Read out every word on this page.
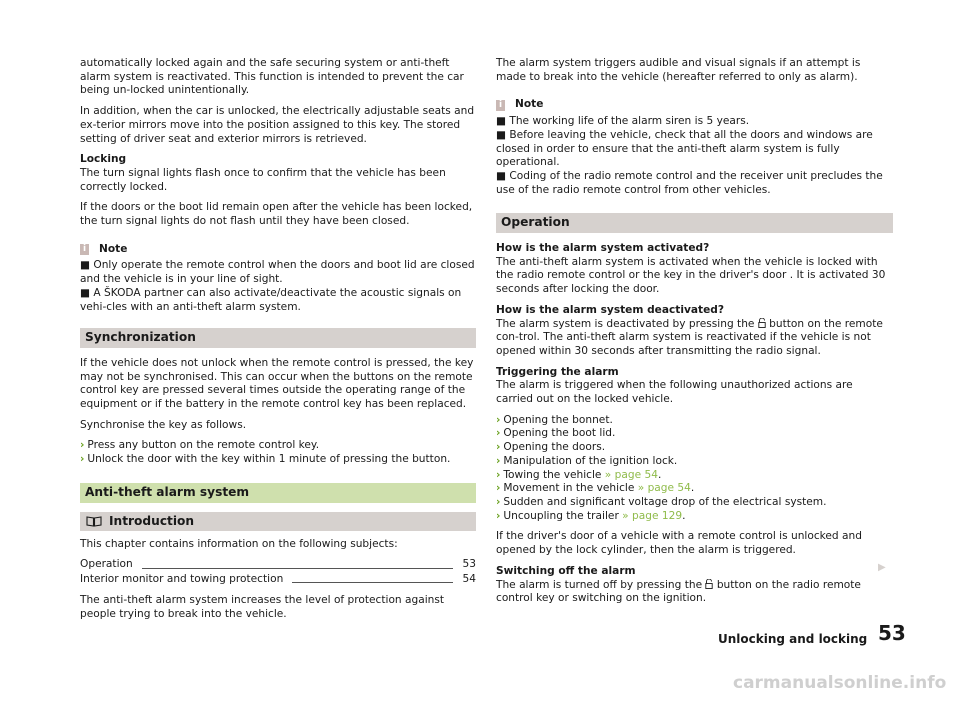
automatically locked again and the safe securing system or anti-theft alarm system is reactivated. This function is intended to prevent the car being un-locked unintentionally.

In addition, when the car is unlocked, the electrically adjustable seats and ex-terior mirrors move into the position assigned to this key. The stored setting of driver seat and exterior mirrors is retrieved.

Locking
The turn signal lights flash once to confirm that the vehicle has been correctly locked.

If the doors or the boot lid remain open after the vehicle has been locked, the turn signal lights do not flash until they have been closed.

i Note
■ Only operate the remote control when the doors and boot lid are closed and the vehicle is in your line of sight.
■ A ŠKODA partner can also activate/deactivate the acoustic signals on vehi-cles with an anti-theft alarm system.
Synchronization

If the vehicle does not unlock when the remote control is pressed, the key may not be synchronised. This can occur when the buttons on the remote control key are pressed several times outside the operating range of the equipment or if the battery in the remote control key has been replaced.

Synchronise the key as follows.

› Press any button on the remote control key.
› Unlock the door with the key within 1 minute of pressing the button.
Anti-theft alarm system
Introduction

This chapter contains information on the following subjects:

Operation	53
Interior monitor and towing protection	54

The anti-theft alarm system increases the level of protection against people trying to break into the vehicle.

The alarm system triggers audible and visual signals if an attempt is made to break into the vehicle (hereafter referred to only as alarm).

i Note
■ The working life of the alarm siren is 5 years.
■ Before leaving the vehicle, check that all the doors and windows are closed in order to ensure that the anti-theft alarm system is fully operational.
■ Coding of the radio remote control and the receiver unit precludes the use of the radio remote control from other vehicles.
Operation
How is the alarm system activated?
The anti-theft alarm system is activated when the vehicle is locked with the radio remote control or the key in the driver's door . It is activated 30 seconds after locking the door.
How is the alarm system deactivated?
The alarm system is deactivated by pressing the  button on the remote con-trol. The anti-theft alarm system is reactivated if the vehicle is not opened within 30 seconds after transmitting the radio signal.
Triggering the alarm
The alarm is triggered when the following unauthorized actions are carried out on the locked vehicle.
› Opening the bonnet.
› Opening the boot lid.
› Opening the doors.
› Manipulation of the ignition lock.
› Towing the vehicle » page 54.
› Movement in the vehicle » page 54.
› Sudden and significant voltage drop of the electrical system.
› Uncoupling the trailer » page 129.

If the driver's door of a vehicle with a remote control is unlocked and opened by the lock cylinder, then the alarm is triggered.

Switching off the alarm
The alarm is turned off by pressing the  button on the radio remote control key or switching on the ignition.
▶
Unlocking and locking 53
carmanualsonline.info
